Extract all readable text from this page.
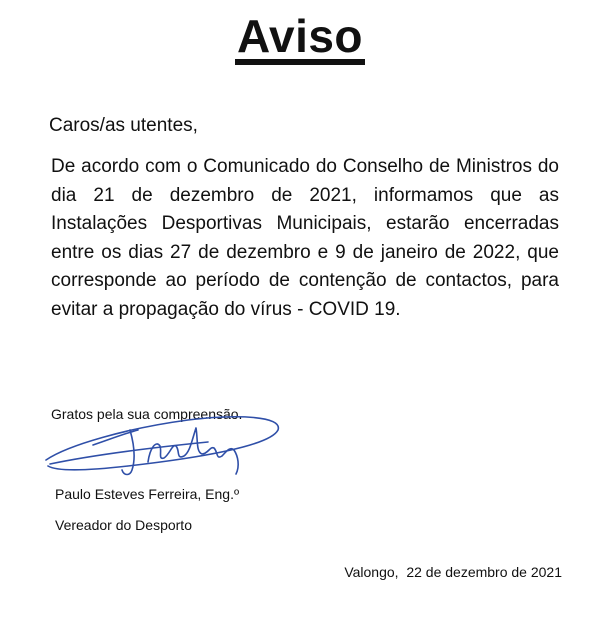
Aviso
Caros/as utentes,
De acordo com o Comunicado do Conselho de Ministros do dia 21 de dezembro de 2021, informamos que as Instalações Desportivas Municipais, estarão encerradas entre os dias 27 de dezembro e 9 de janeiro de 2022, que corresponde ao período de contenção de contactos, para evitar a propagação do vírus - COVID 19.
Gratos pela sua compreensão.
Paulo Esteves Ferreira, Eng.º
Vereador do Desporto
Valongo,  22 de dezembro de 2021
